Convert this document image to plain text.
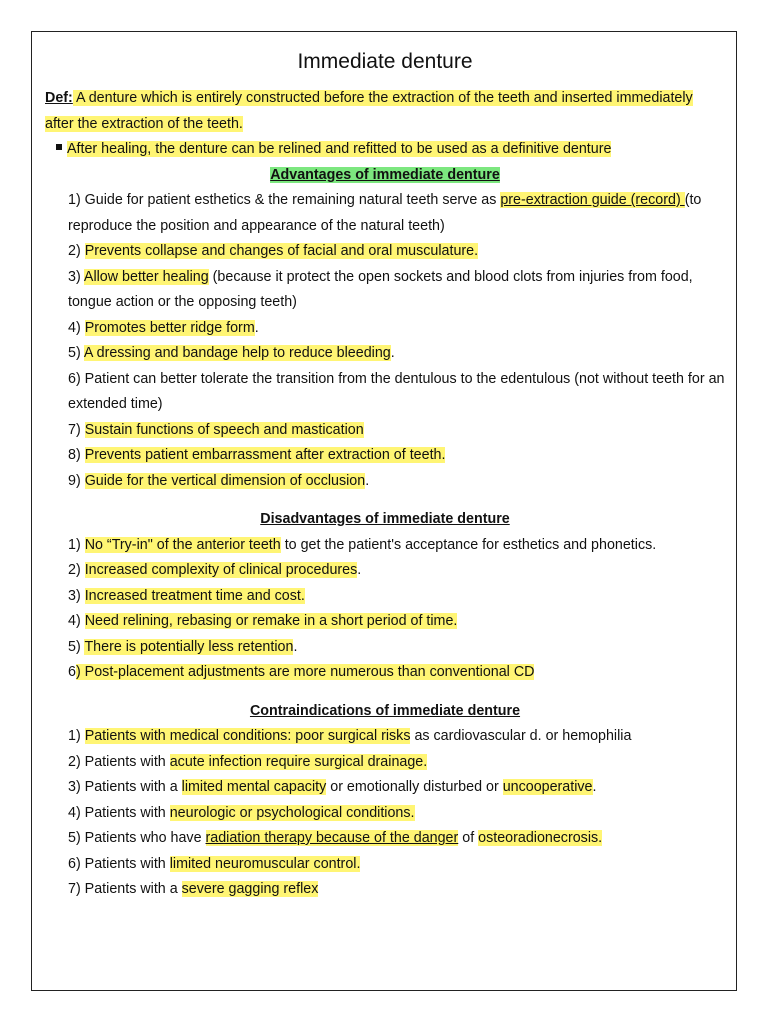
Immediate denture

Def: A denture which is entirely constructed before the extraction of the teeth and inserted immediately after the extraction of the teeth.

After healing, the denture can be relined and refitted to be used as a definitive denture

Advantages of immediate denture

1) Guide for patient esthetics & the remaining natural teeth serve as pre-extraction guide (record) (to reproduce the position and appearance of the natural teeth)

2) Prevents collapse and changes of facial and oral musculature.

3) Allow better healing (because it protect the open sockets and blood clots from injuries from food, tongue action or the opposing teeth)

4) Promotes better ridge form.

5) A dressing and bandage help to reduce bleeding.

6) Patient can better tolerate the transition from the dentulous to the edentulous (not without teeth for an extended time)

7) Sustain functions of speech and mastication

8) Prevents patient embarrassment after extraction of teeth.

9) Guide for the vertical dimension of occlusion.

Disadvantages of immediate denture

1) No “Try-in" of the anterior teeth to get the patient's acceptance for esthetics and phonetics.

2) Increased complexity of clinical procedures.

3) Increased treatment time and cost.

4) Need relining, rebasing or remake in a short period of time.

5) There is potentially less retention.

6) Post-placement adjustments are more numerous than conventional CD

Contraindications of immediate denture

1) Patients with medical conditions: poor surgical risks as cardiovascular d. or hemophilia

2) Patients with acute infection require surgical drainage.

3) Patients with a limited mental capacity or emotionally disturbed or uncooperative.

4) Patients with neurologic or psychological conditions.

5) Patients who have radiation therapy because of the danger of osteoradionecrosis.

6) Patients with limited neuromuscular control.

7) Patients with a severe gagging reflex
